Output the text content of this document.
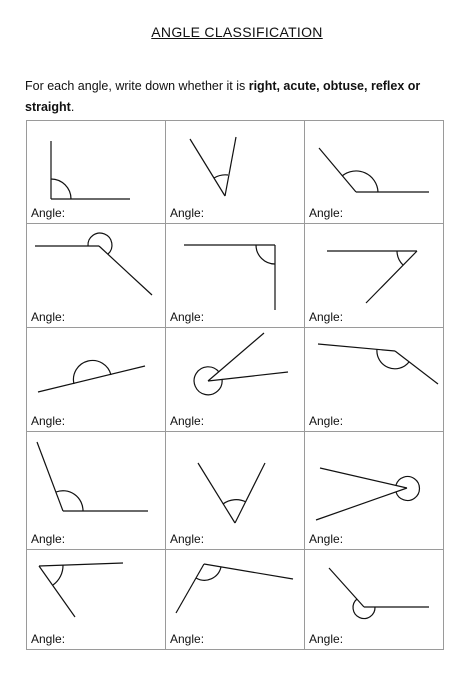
ANGLE CLASSIFICATION
For each angle, write down whether it is right, acute, obtuse, reflex or straight.
Angle:	Angle:	Angle:
Angle:	Angle:	Angle:
Angle:	Angle:	Angle:
Angle:	Angle:	Angle:
Angle:	Angle:	Angle:
